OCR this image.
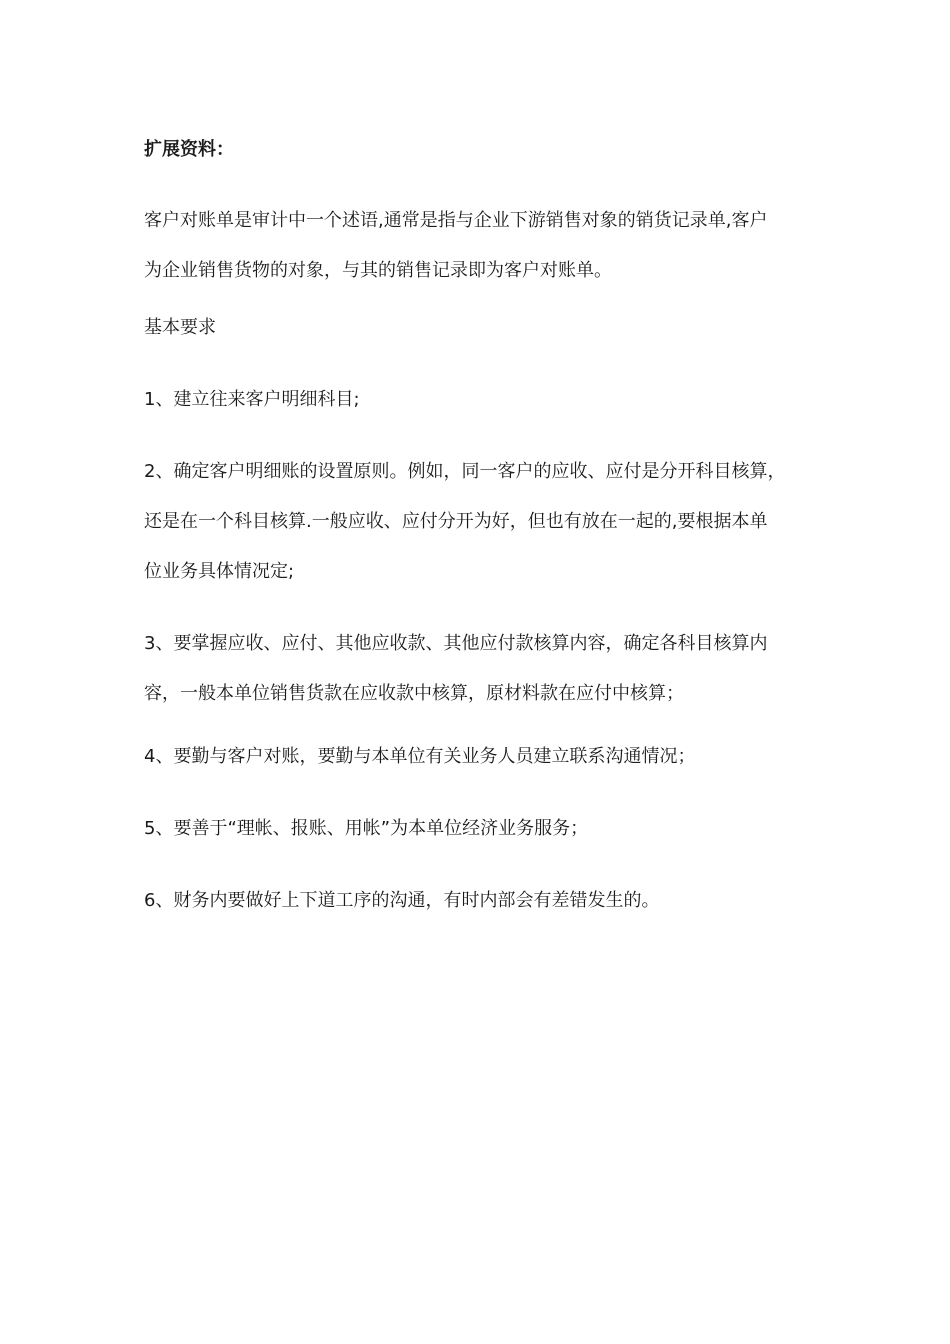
扩展资料：
客户对账单是审计中一个述语,通常是指与企业下游销售对象的销货记录单,客户
为企业销售货物的对象，与其的销售记录即为客户对账单。
基本要求
1、建立往来客户明细科目;
2、确定客户明细账的设置原则。例如，同一客户的应收、应付是分开科目核算，
还是在一个科目核算.一般应收、应付分开为好，但也有放在一起的,要根据本单
位业务具体情况定;
3、要掌握应收、应付、其他应收款、其他应付款核算内容，确定各科目核算内
容，一般本单位销售货款在应收款中核算，原材料款在应付中核算；
4、要勤与客户对账，要勤与本单位有关业务人员建立联系沟通情况；
5、要善于“理帐、报账、用帐”为本单位经济业务服务；
6、财务内要做好上下道工序的沟通，有时内部会有差错发生的。
